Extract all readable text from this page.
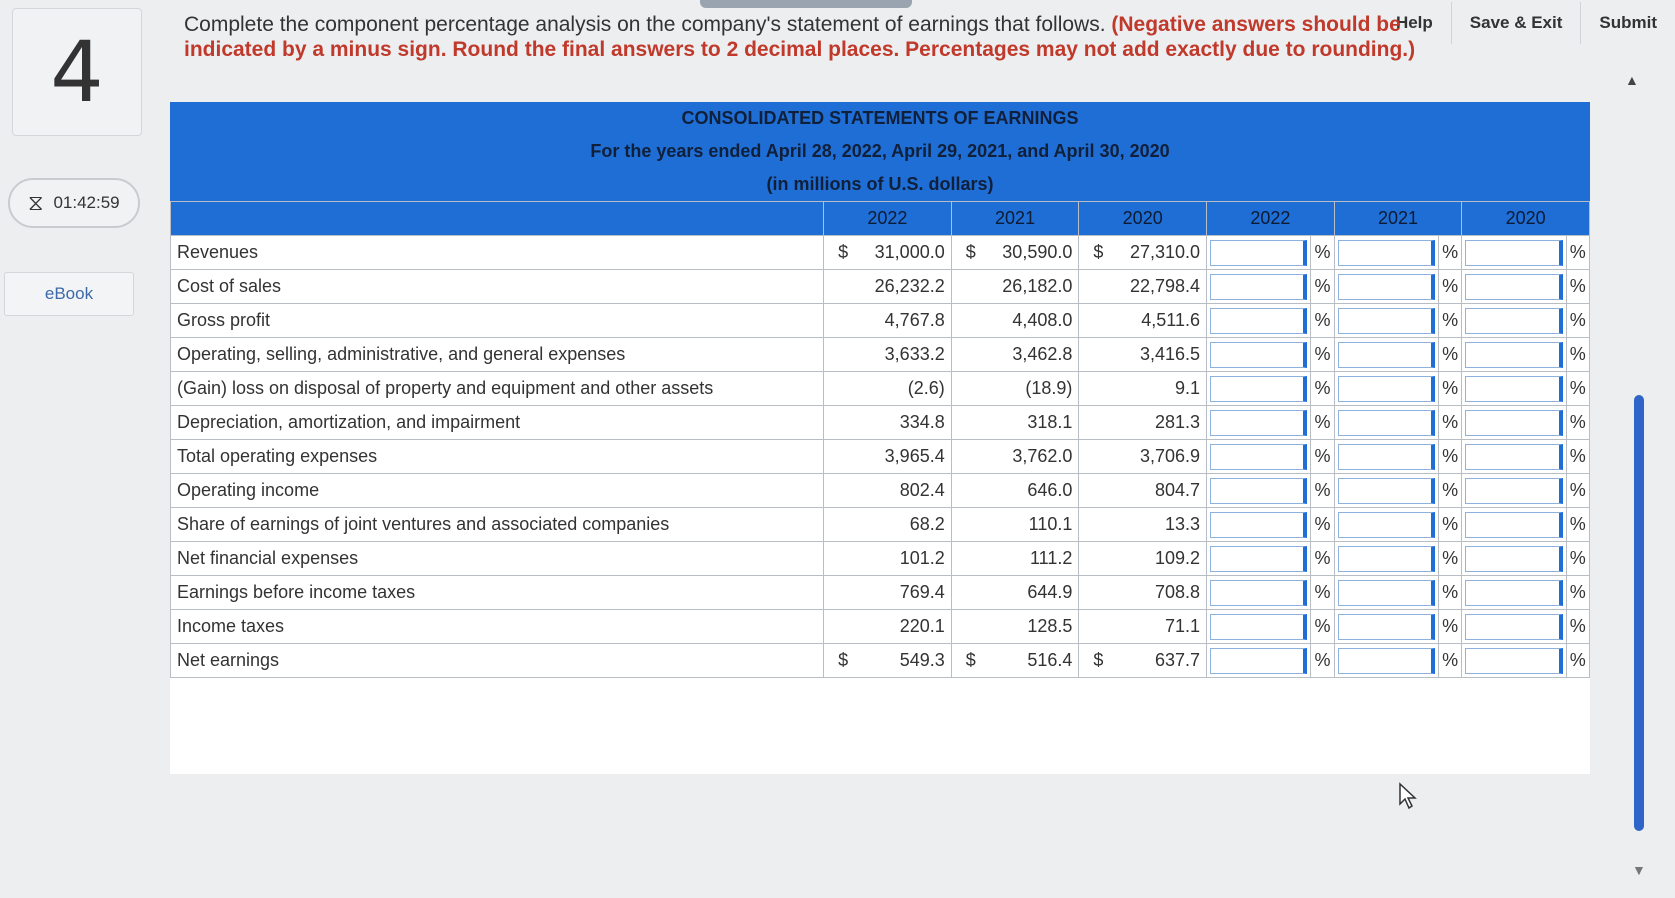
4
⧖ 01:42:59
eBook
Help	Save & Exit	Submit
Complete the component percentage analysis on the company's statement of earnings that follows. (Negative answers should be indicated by a minus sign. Round the final answers to 2 decimal places. Percentages may not add exactly due to rounding.)
CONSOLIDATED STATEMENTS OF EARNINGS
For the years ended April 28, 2022, April 29, 2021, and April 30, 2020
(in millions of U.S. dollars)
	2022	2021	2020	2022		2021		2020	
Revenues	$ 31,000.0	$ 30,590.0	$ 27,310.0		%		%		%
Cost of sales	26,232.2	26,182.0	22,798.4		%		%		%
Gross profit	4,767.8	4,408.0	4,511.6		%		%		%
Operating, selling, administrative, and general expenses	3,633.2	3,462.8	3,416.5		%		%		%
(Gain) loss on disposal of property and equipment and other assets	(2.6)	(18.9)	9.1		%		%		%
Depreciation, amortization, and impairment	334.8	318.1	281.3		%		%		%
Total operating expenses	3,965.4	3,762.0	3,706.9		%		%		%
Operating income	802.4	646.0	804.7		%		%		%
Share of earnings of joint ventures and associated companies	68.2	110.1	13.3		%		%		%
Net financial expenses	101.2	111.2	109.2		%		%		%
Earnings before income taxes	769.4	644.9	708.8		%		%		%
Income taxes	220.1	128.5	71.1		%		%		%
Net earnings	$ 549.3	$ 516.4	$ 637.7		%		%		%
▲
▼
